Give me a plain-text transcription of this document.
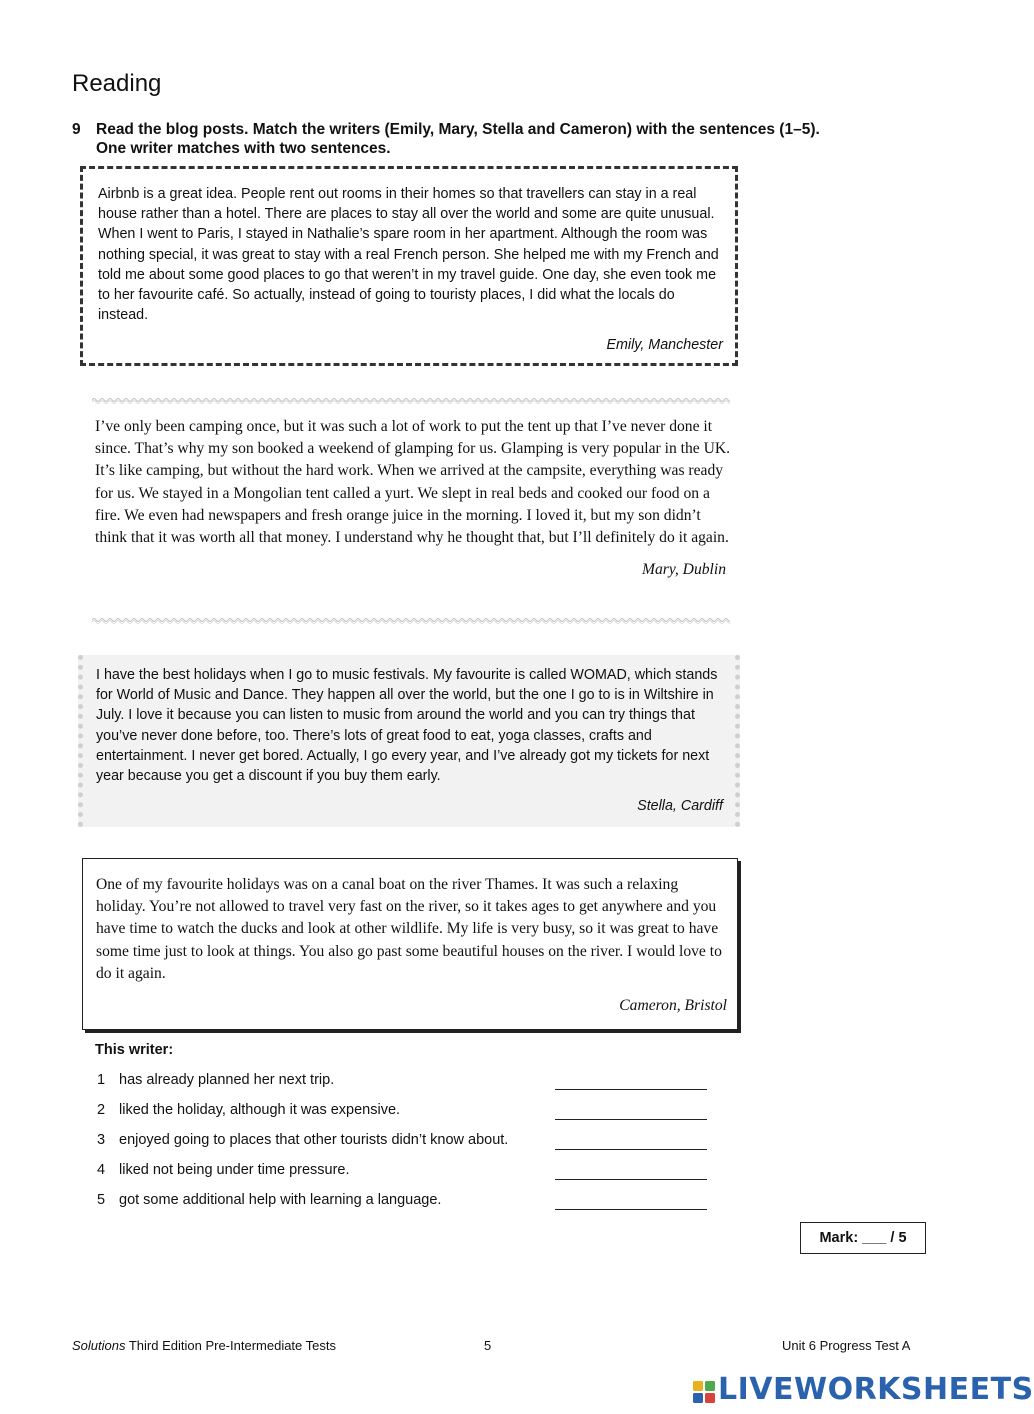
Reading
9 Read the blog posts. Match the writers (Emily, Mary, Stella and Cameron) with the sentences (1–5).
One writer matches with two sentences.

Airbnb is a great idea. People rent out rooms in their homes so that travellers can stay in a real house rather than a hotel. There are places to stay all over the world and some are quite unusual. When I went to Paris, I stayed in Nathalie’s spare room in her apartment. Although the room was nothing special, it was great to stay with a real French person. She helped me with my French and told me about some good places to go that weren’t in my travel guide. One day, she even took me to her favourite café. So actually, instead of going to touristy places, I did what the locals do instead.

Emily, Manchester

I’ve only been camping once, but it was such a lot of work to put the tent up that I’ve never done it since. That’s why my son booked a weekend of glamping for us. Glamping is very popular in the UK. It’s like camping, but without the hard work. When we arrived at the campsite, everything was ready for us. We stayed in a Mongolian tent called a yurt. We slept in real beds and cooked our food on a fire. We even had newspapers and fresh orange juice in the morning. I loved it, but my son didn’t think that it was worth all that money. I understand why he thought that, but I’ll definitely do it again.

Mary, Dublin

I have the best holidays when I go to music festivals. My favourite is called WOMAD, which stands for World of Music and Dance. They happen all over the world, but the one I go to is in Wiltshire in July. I love it because you can listen to music from around the world and you can try things that you’ve never done before, too. There’s lots of great food to eat, yoga classes, crafts and entertainment. I never get bored. Actually, I go every year, and I’ve already got my tickets for next year because you get a discount if you buy them early.

Stella, Cardiff

One of my favourite holidays was on a canal boat on the river Thames. It was such a relaxing holiday. You’re not allowed to travel very fast on the river, so it takes ages to get anywhere and you have time to watch the ducks and look at other wildlife. My life is very busy, so it was great to have some time just to look at things. You also go past some beautiful houses on the river. I would love to do it again.

Cameron, Bristol
This writer:
1 has already planned her next trip.
2 liked the holiday, although it was expensive.
3 enjoyed going to places that other tourists didn’t know about.
4 liked not being under time pressure.
5 got some additional help with learning a language.
Mark: ___ / 5
Solutions Third Edition Pre-Intermediate Tests	5	Unit 6 Progress Test A
LIVEWORKSHEETS
